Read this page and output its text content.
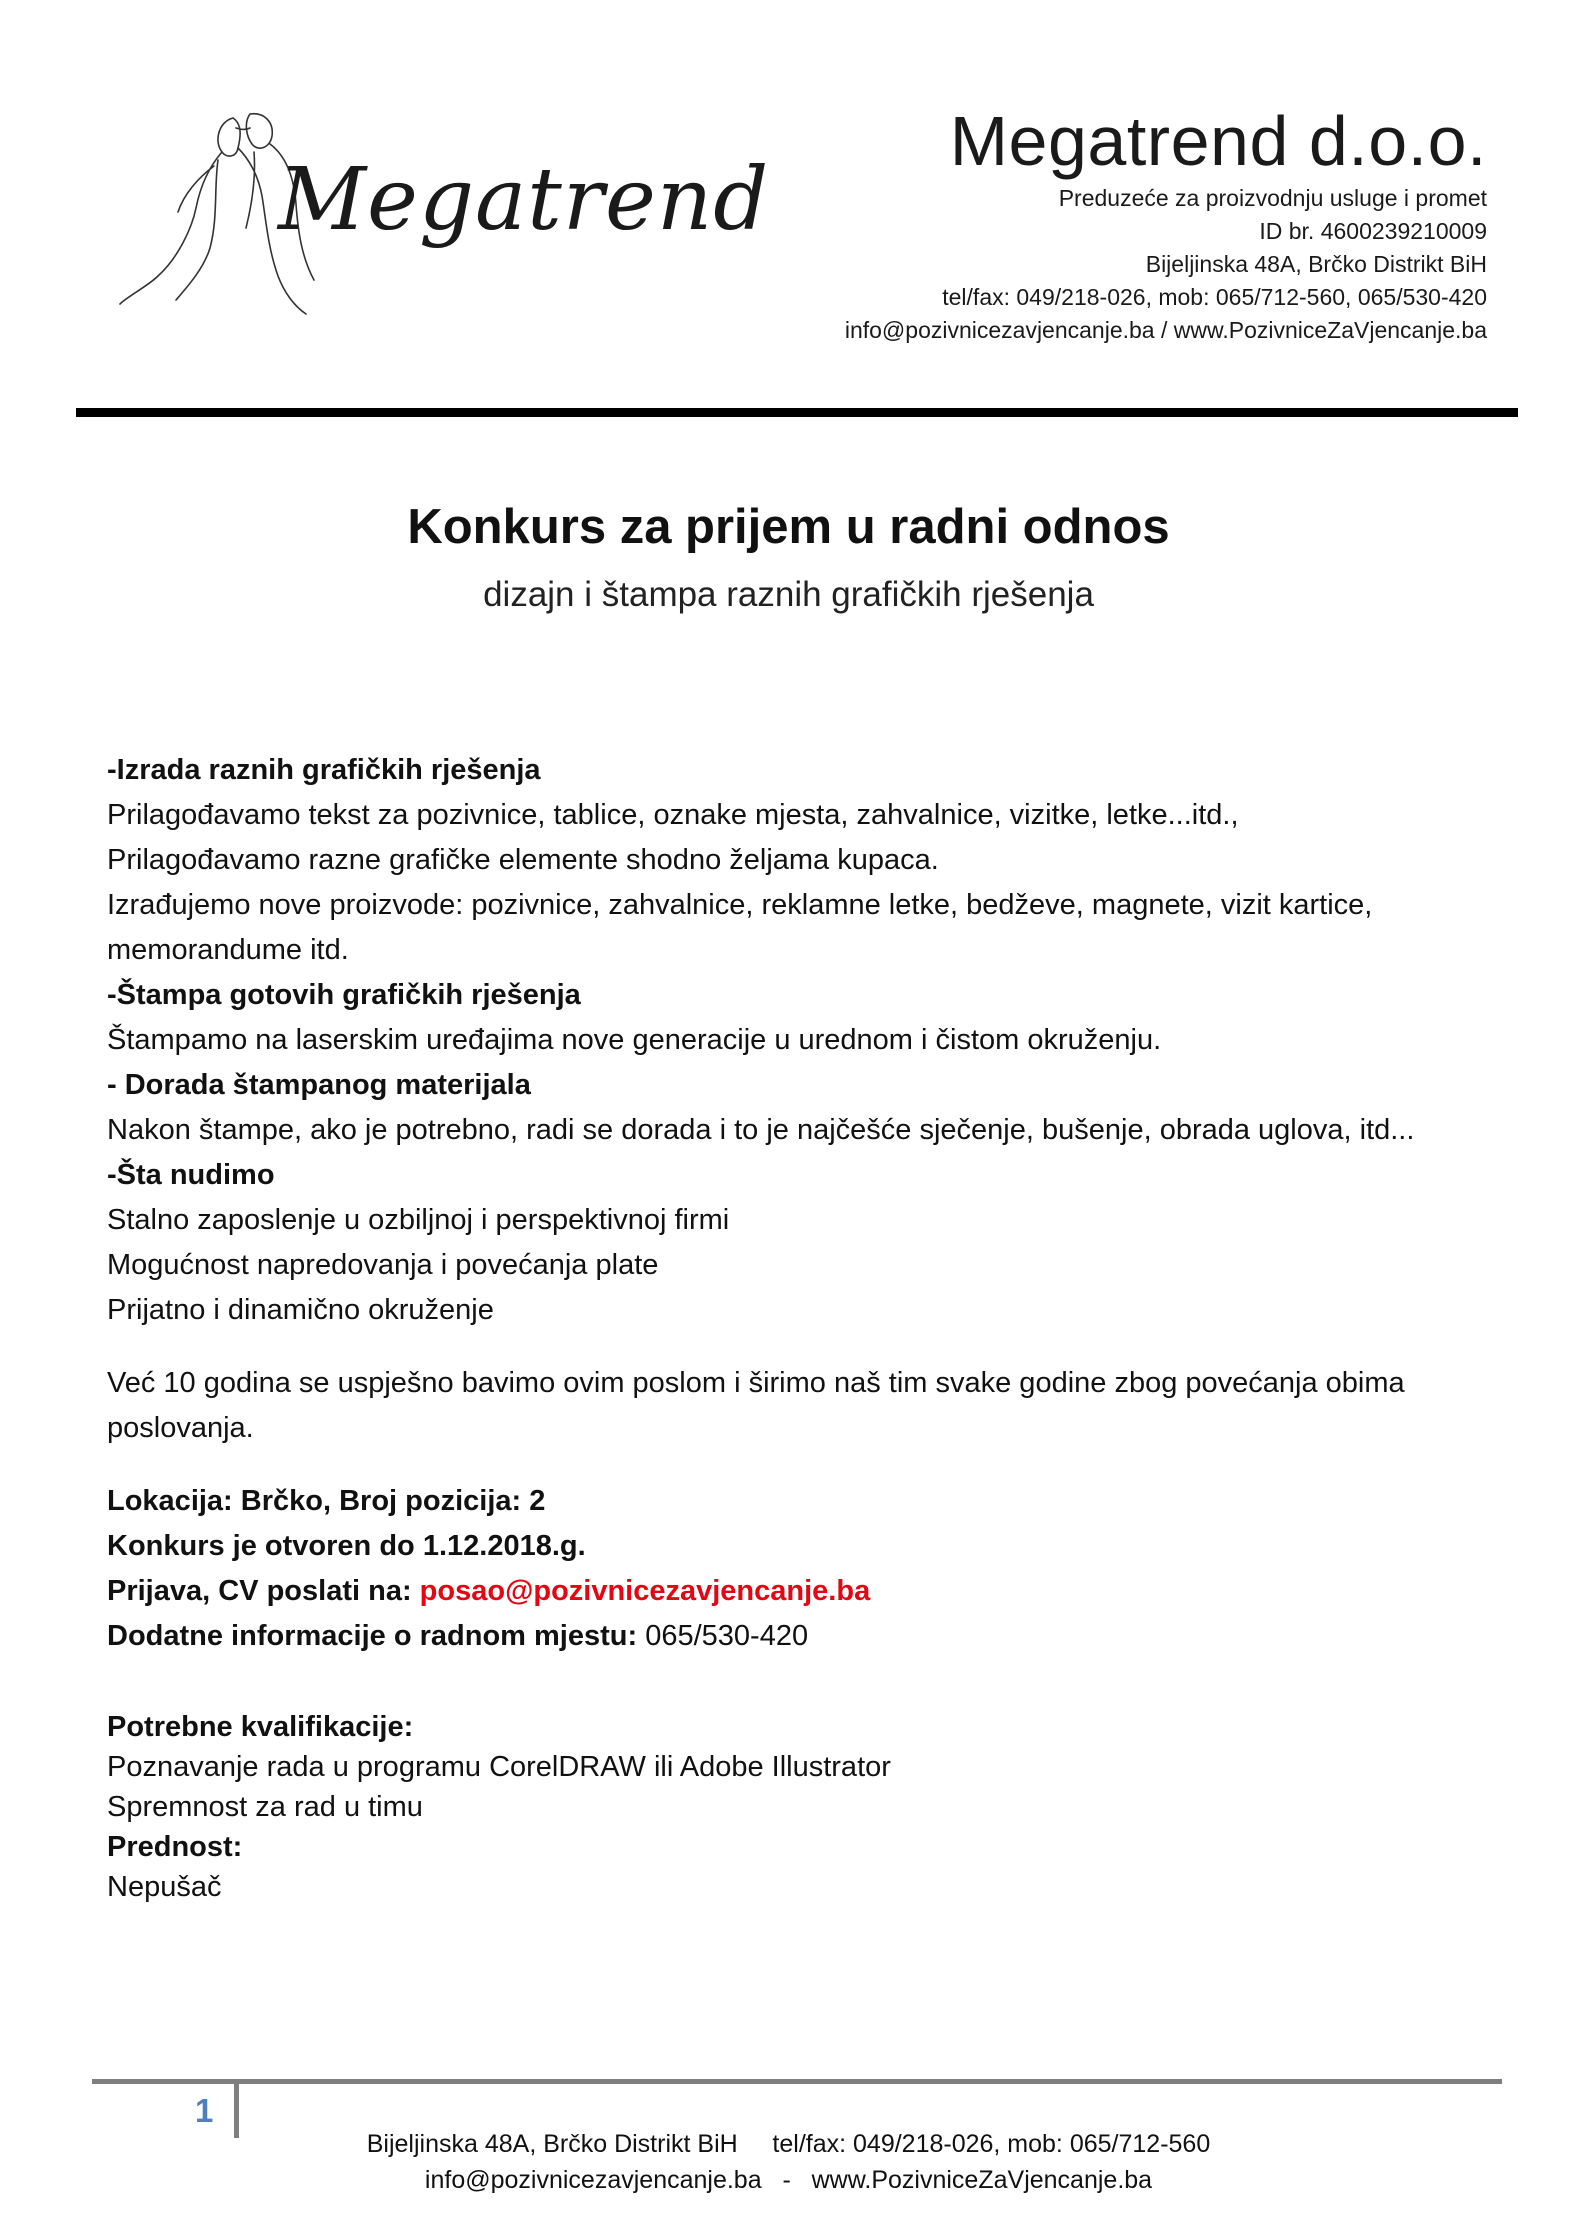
Megatrend
Megatrend d.o.o.
Preduzeće za proizvodnju usluge i promet
ID br. 4600239210009
Bijeljinska 48A, Brčko Distrikt BiH
tel/fax: 049/218-026, mob: 065/712-560, 065/530-420
info@pozivnicezavjencanje.ba / www.PozivniceZaVjencanje.ba
Konkurs za prijem u radni odnos
dizajn i štampa raznih grafičkih rješenja

-Izrada raznih grafičkih rješenja

Prilagođavamo tekst za pozivnice, tablice, oznake mjesta, zahvalnice, vizitke, letke...itd.,

Prilagođavamo razne grafičke elemente shodno željama kupaca.

Izrađujemo nove proizvode: pozivnice, zahvalnice, reklamne letke, bedževe, magnete, vizit kartice,

memorandume itd.

-Štampa gotovih grafičkih rješenja

Štampamo na laserskim uređajima nove generacije u urednom i čistom okruženju.

- Dorada štampanog materijala

Nakon štampe, ako je potrebno, radi se dorada i to je najčešće sječenje, bušenje, obrada uglova, itd...

-Šta nudimo

Stalno zaposlenje u ozbiljnoj i perspektivnoj firmi

Mogućnost napredovanja i povećanja plate

Prijatno i dinamično okruženje

Već 10 godina se uspješno bavimo ovim poslom i širimo naš tim svake godine zbog povećanja obima

poslovanja.

Lokacija: Brčko, Broj pozicija: 2

Konkurs je otvoren do 1.12.2018.g.

Prijava, CV poslati na: posao@pozivnicezavjencanje.ba

Dodatne informacije o radnom mjestu: 065/530-420

Potrebne kvalifikacije:

Poznavanje rada u programu CorelDRAW ili Adobe Illustrator

Spremnost za rad u timu

Prednost:

Nepušač

1
Bijeljinska 48A, Brčko Distrikt BiH     tel/fax: 049/218-026, mob: 065/712-560
info@pozivnicezavjencanje.ba   -   www.PozivniceZaVjencanje.ba
